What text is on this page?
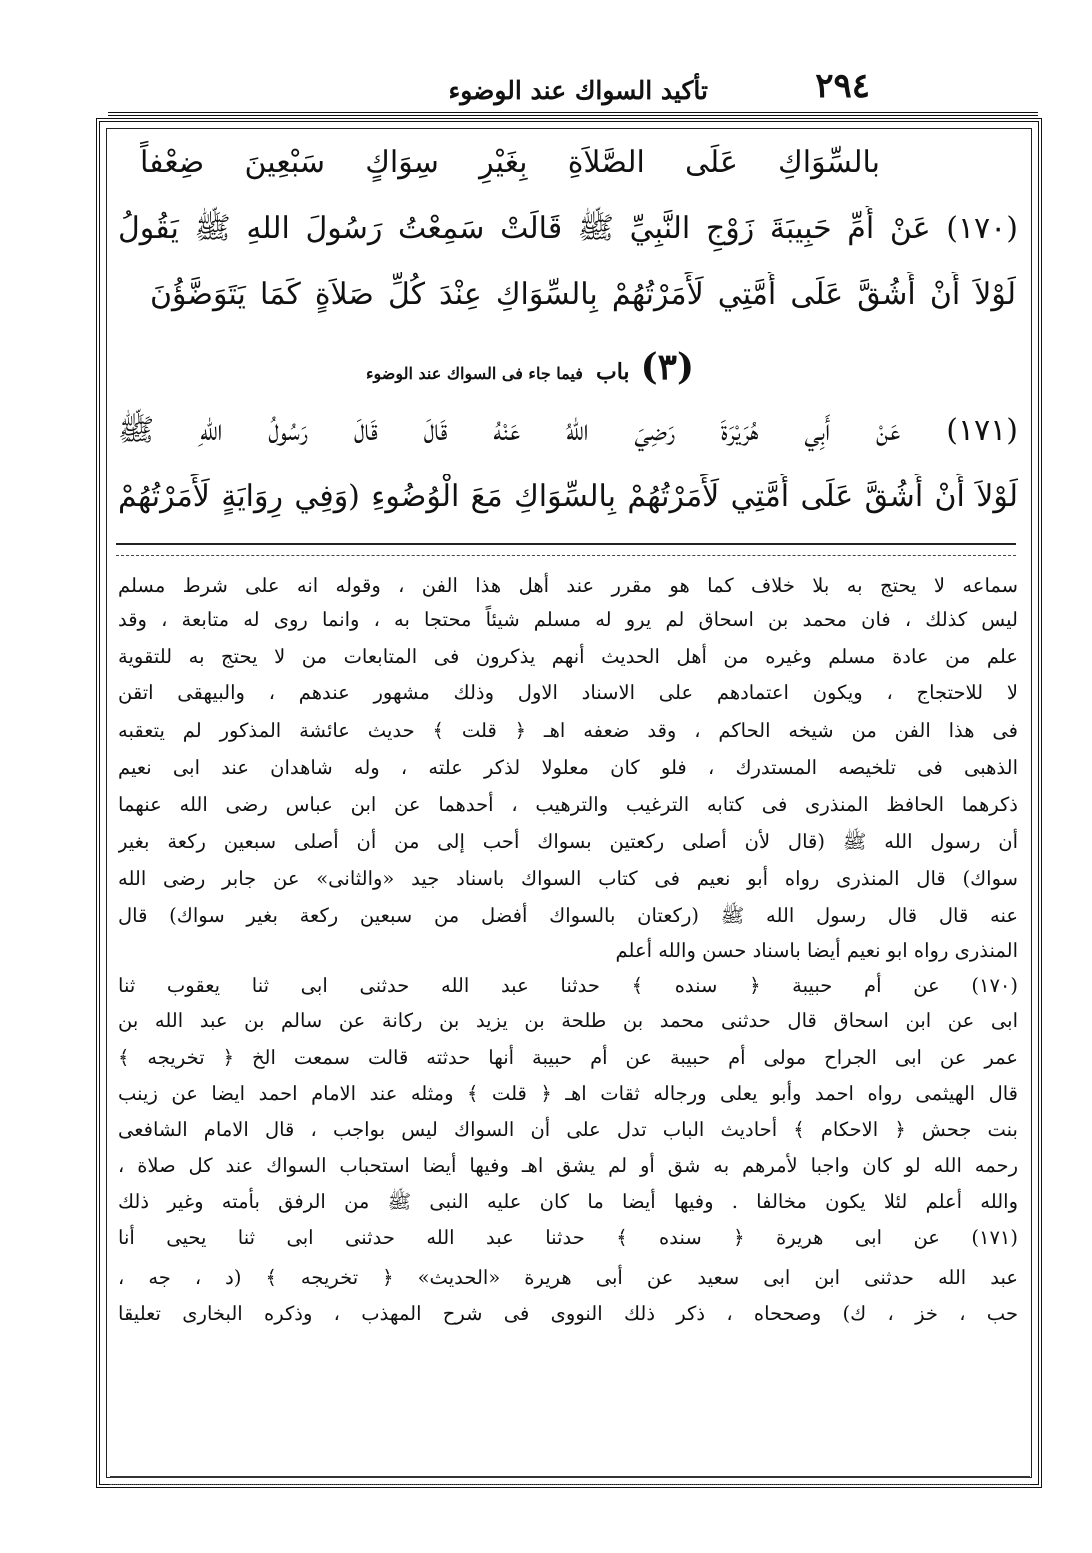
٢٩٤
تأكيد السواك عند الوضوء
بالسِّوَاكِ عَلَى الصَّلاَةِ بِغَيْرِ سِوَاكٍ سَبْعِينَ ضِعْفاً
(١٧٠) عَنْ أُمِّ حَبِيبَةَ زَوْجِ النَّبِيِّ ﷺ قَالَتْ سَمِعْتُ رَسُولَ اللهِ ﷺ يَقُولُ
لَوْلاَ أَنْ أَشُقَّ عَلَى أُمَّتِي لَأَمَرْتُهُمْ بِالسِّوَاكِ عِنْدَ كُلِّ صَلاَةٍ كَمَا يَتَوَضَّؤُنَ
(٣) باب فيما جاء فى السواك عند الوضوء
(١٧١) عَنْ أَبِي هُرَيْرَةَ رَضِيَ اللهُ عَنْهُ قَالَ قَالَ رَسُولُ اللهِ ﷺ
لَوْلاَ أَنْ أَشُقَّ عَلَى أُمَّتِي لَأَمَرْتُهُمْ بِالسِّوَاكِ مَعَ الْوُضُوءِ (وَفِي رِوَايَةٍ لَأَمَرْتُهُمْ
سماعه لا يحتج به بلا خلاف كما هو مقرر عند أهل هذا الفن ، وقوله انه على شرط مسلم
ليس كذلك ، فان محمد بن اسحاق لم يرو له مسلم شيئاً محتجا به ، وانما روى له متابعة ، وقد
علم من عادة مسلم وغيره من أهل الحديث أنهم يذكرون فى المتابعات من لا يحتج به للتقوية
لا للاحتجاج ، ويكون اعتمادهم على الاسناد الاول وذلك مشهور عندهم ، والبيهقى اتقن
فى هذا الفن من شيخه الحاكم ، وقد ضعفه اهـ ﴿ قلت ﴾ حديث عائشة المذكور لم يتعقبه
الذهبى فى تلخيصه المستدرك ، فلو كان معلولا لذكر علته ، وله شاهدان عند ابى نعيم
ذكرهما الحافظ المنذرى فى كتابه الترغيب والترهيب ، أحدهما عن ابن عباس رضى الله عنهما
أن رسول الله ﷺ (قال لأن أصلى ركعتين بسواك أحب إلى من أن أصلى سبعين ركعة بغير
سواك) قال المنذرى رواه أبو نعيم فى كتاب السواك باسناد جيد «والثانى» عن جابر رضى الله
عنه قال قال رسول الله ﷺ (ركعتان بالسواك أفضل من سبعين ركعة بغير سواك) قال
المنذرى رواه ابو نعيم أيضا باسناد حسن والله أعلم
(١٧٠) عن أم حبيبة ﴿ سنده ﴾ حدثنا عبد الله حدثنى ابى ثنا يعقوب ثنا
ابى عن ابن اسحاق قال حدثنى محمد بن طلحة بن يزيد بن ركانة عن سالم بن عبد الله بن
عمر عن ابى الجراح مولى أم حبيبة عن أم حبيبة أنها حدثته قالت سمعت الخ ﴿ تخريجه ﴾
قال الهيثمى رواه احمد وأبو يعلى ورجاله ثقات اهـ ﴿ قلت ﴾ ومثله عند الامام احمد ايضا عن زينب
بنت جحش ﴿ الاحكام ﴾ أحاديث الباب تدل على أن السواك ليس بواجب ، قال الامام الشافعى
رحمه الله لو كان واجبا لأمرهم به شق أو لم يشق اهـ وفيها أيضا استحباب السواك عند كل صلاة ،
والله أعلم لئلا يكون مخالفا . وفيها أيضا ما كان عليه النبى ﷺ من الرفق بأمته وغير ذلك
(١٧١) عن ابى هريرة ﴿ سنده ﴾ حدثنا عبد الله حدثنى ابى ثنا يحيى أنا
عبد الله حدثنى ابن ابى سعيد عن أبى هريرة «الحديث» ﴿ تخريجه ﴾ (د ، جه ،
حب ، خز ، ك) وصححاه ، ذكر ذلك النووى فى شرح المهذب ، وذكره البخارى تعليقا
